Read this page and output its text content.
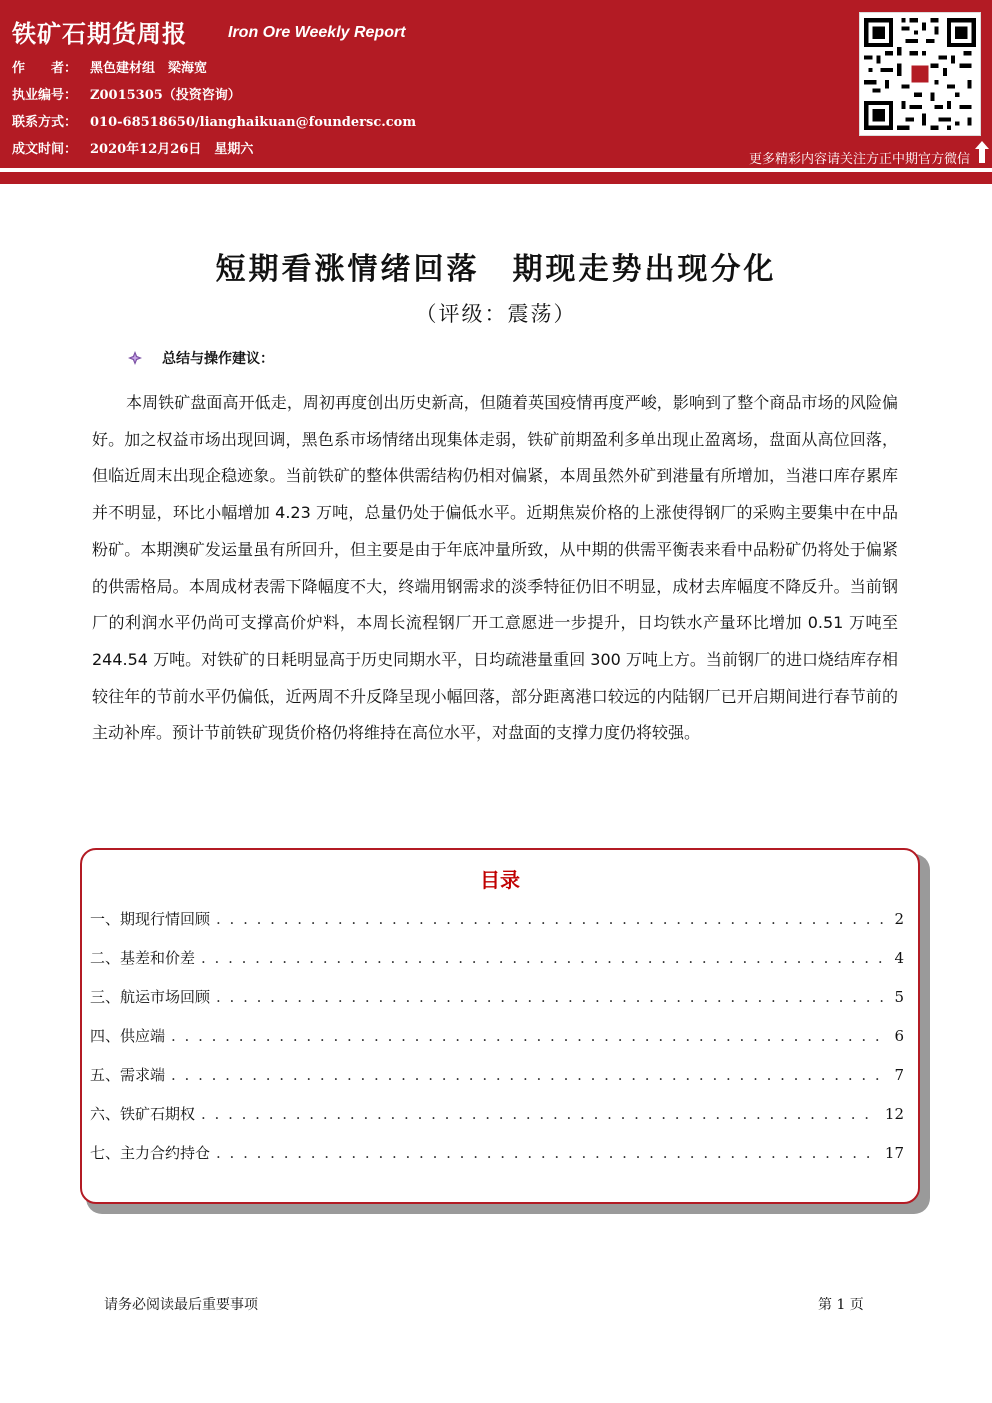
铁矿石期货周报	Iron Ore Weekly Report
作　　者： 黑色建材组　梁海宽
执业编号： Z0015305（投资咨询）
联系方式： 010-68518650/lianghaikuan@foundersc.com
成文时间： 2020年12月26日　星期六
更多精彩内容请关注方正中期官方微信
短期看涨情绪回落　期现走势出现分化
（评级：震荡）
总结与操作建议：

本周铁矿盘面高开低走，周初再度创出历史新高，但随着英国疫情再度严峻，影响到了整个商品市场的风险偏好。加之权益市场出现回调，黑色系市场情绪出现集体走弱，铁矿前期盈利多单出现止盈离场，盘面从高位回落，但临近周末出现企稳迹象。当前铁矿的整体供需结构仍相对偏紧，本周虽然外矿到港量有所增加，当港口库存累库并不明显，环比小幅增加 4.23 万吨，总量仍处于偏低水平。近期焦炭价格的上涨使得钢厂的采购主要集中在中品粉矿。本期澳矿发运量虽有所回升，但主要是由于年底冲量所致，从中期的供需平衡表来看中品粉矿仍将处于偏紧的供需格局。本周成材表需下降幅度不大，终端用钢需求的淡季特征仍旧不明显，成材去库幅度不降反升。当前钢厂的利润水平仍尚可支撑高价炉料，本周长流程钢厂开工意愿进一步提升，日均铁水产量环比增加 0.51 万吨至 244.54 万吨。对铁矿的日耗明显高于历史同期水平，日均疏港量重回 300 万吨上方。当前钢厂的进口烧结库存相较往年的节前水平仍偏低，近两周不升反降呈现小幅回落，部分距离港口较远的内陆钢厂已开启期间进行春节前的主动补库。预计节前铁矿现货价格仍将维持在高位水平，对盘面的支撑力度仍将较强。

目录
一、期现行情回顾 . . .	2
二、基差和价差 . . .	4
三、航运市场回顾 . . .	5
四、供应端 . . .	6
五、需求端 . . .	7
六、铁矿石期权 . . .	12
七、主力合约持仓 . . .	17
请务必阅读最后重要事项	第 1 页
